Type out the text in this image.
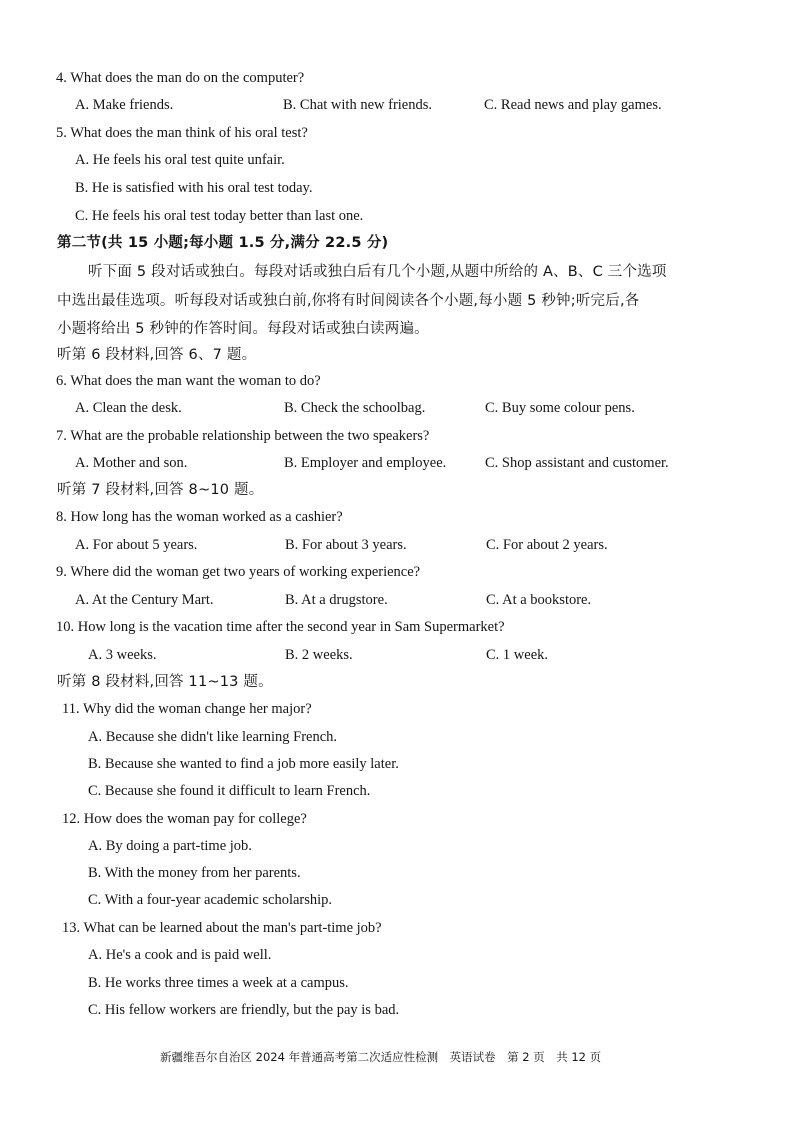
4. What does the man do on the computer?
A. Make friends.	B. Chat with new friends.	C. Read news and play games.
5. What does the man think of his oral test?
A. He feels his oral test quite unfair.
B. He is satisfied with his oral test today.
C. He feels his oral test today better than last one.
第二节(共 15 小题;每小题 1.5 分,满分 22.5 分)
听下面 5 段对话或独白。每段对话或独白后有几个小题,从题中所给的 A、B、C 三个选项
中选出最佳选项。听每段对话或独白前,你将有时间阅读各个小题,每小题 5 秒钟;听完后,各
小题将给出 5 秒钟的作答时间。每段对话或独白读两遍。
听第 6 段材料,回答 6、7 题。
6. What does the man want the woman to do?
A. Clean the desk.	B. Check the schoolbag.	C. Buy some colour pens.
7. What are the probable relationship between the two speakers?
A. Mother and son.	B. Employer and employee.	C. Shop assistant and customer.
听第 7 段材料,回答 8~10 题。
8. How long has the woman worked as a cashier?
A. For about 5 years.	B. For about 3 years.	C. For about 2 years.
9. Where did the woman get two years of working experience?
A. At the Century Mart.	B. At a drugstore.	C. At a bookstore.
10. How long is the vacation time after the second year in Sam Supermarket?
A. 3 weeks.	B. 2 weeks.	C. 1 week.
听第 8 段材料,回答 11~13 题。
11. Why did the woman change her major?
A. Because she didn't like learning French.
B. Because she wanted to find a job more easily later.
C. Because she found it difficult to learn French.
12. How does the woman pay for college?
A. By doing a part-time job.
B. With the money from her parents.
C. With a four-year academic scholarship.
13. What can be learned about the man's part-time job?
A. He's a cook and is paid well.
B. He works three times a week at a campus.
C. His fellow workers are friendly, but the pay is bad.
新疆维吾尔自治区 2024 年普通高考第二次适应性检测　英语试卷　第 2 页　共 12 页
